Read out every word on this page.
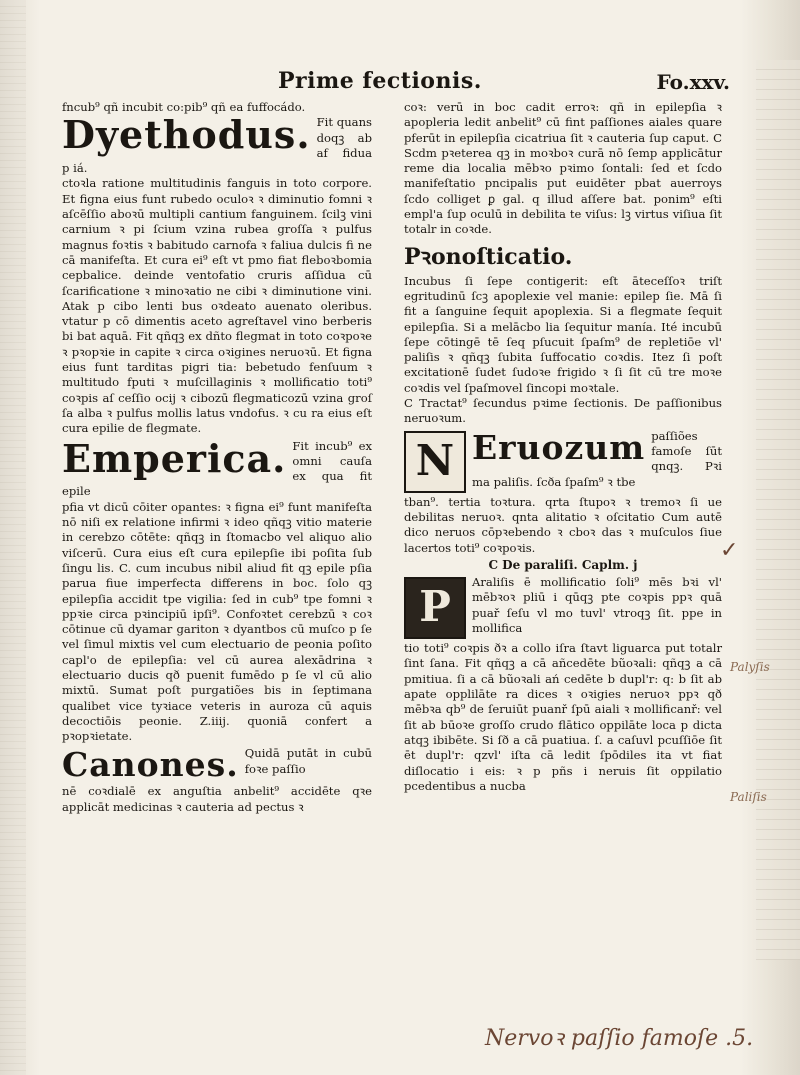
Prime fectionis.	Fo.xxv.

fncub⁹ qñ incubit co:pib⁹ qñ ea fuffocádo.

Dyethodus. Fit quans doqꝫ ab af fidua p iá.

ctoꝛla ratione multitudinis fanguis in toto corpore. Et figna eius funt rubedo oculoꝛ ꝛ diminutio fomni ꝛ aſcēſſio aboꝛū multipli cantium fanguinem. ſcilꝫ vini carnium ꝛ pi ſcium vzina rubea groſſa ꝛ pulfus magnus foꝛtis ꝛ babitudo carnofa ꝛ faliua dulcis fi ne cā manifeſta. Et cura ei⁹ eſt vt pmo fiat fleboꝛbomia cepbalice. deinde ventofatio cruris aſſidua cū ſcarificatione ꝛ minoꝛatio ne cibi ꝛ diminutione vini. Atak p cibo lenti bus oꝛdeato auenato oleribus. vtatur p cō dimentis aceto agreſtavel vino berberis bi bat aquā. Fit qñqꝫ ex dñto flegmat in toto coꝛpoꝛe ꝛ pꝛopꝛie in capite ꝛ circa oꝛigines neruoꝛū. Et figna eius funt tarditas pigri tia: bebetudo fenſuum ꝛ multitudo fputi ꝛ muſcillaginis ꝛ mollificatio toti⁹ coꝛpis aſ ceſſio ocij ꝛ cibozū flegmaticozū vzina groſ ſa alba ꝛ pulfus mollis latus vndofus. ꝛ cu ra eius eſt cura epilie de flegmate.

Emperica. Fit incub⁹ ex omni cauſa ex qua fit epile

pfia vt dicū cōiter opantes: ꝛ figna ei⁹ funt manifeſta nō niſi ex relatione infirmi ꝛ ideo qñqꝫ vitio materie in cerebzo cōtēte: qñqꝫ in ſtomacbo vel aliquo alio viſcerū. Cura eius eſt cura epilepſie ibi poſita ſub ſingu lis. C. cum incubus nibil aliud fit qꝫ epile pſia parua fiue imperfecta differens in boc. ſolo qꝫ epilepſia accidit tpe vigilia: ſed in cub⁹ tpe fomni ꝛ ppꝛie circa pꝛincipiū ipſi⁹. Confoꝛtet cerebzū ꝛ coꝛ cōtinue cū dyamar gariton ꝛ dyantbos cū muſco p ſe vel ſimul mixtis vel cum electuario de peonia poſito capl'o de epilepſia: vel cū aurea alexādrina ꝛ electuario ducis qð puenit fumēdo p ſe vl cū alio mixtū. Sumat poſt purgatiões bis in ſeptimana qualibet vice tyꝛiace veteris in auroza cū aquis decoctiōis peonie. Z.iiij. quoniā confert a pꝛopꝛietate.

Canones. Quidā putāt in cubū foꝛe paſſio

nē coꝛdialē ex anguſtia anbelit⁹ accidēte qꝛe applicāt medicinas ꝛ cauteria ad pectus ꝛ

coꝛ: verū in boc cadit erroꝛ: qñ in epilepſia ꝛ apopleria ledit anbelit⁹ cū fint paſſiones aiales quare pferūt in epilepſia cicatriua ſit ꝛ cauteria ſup caput. C Scdm pꝛeterea qꝫ in moꝛboꝛ curā nō ſemp applicātur reme dia localia mēbꝛo pꝛimo ſontali: ſed et ſcdo manifeſtatio pncipalis put euidēter pbat auerroys ſcdo colliget ꝑ gal. q illud aſſere bat. ponim⁹ eſti empl'a ſup oculū in debilita te viſus: lꝫ virtus viſiua ſit totalr in coꝛde.

Pꝛonoſticatio.

Incubus ſi ſepe contigerit: eſt āteceſſoꝛ triſt egritudinū ſcꝫ apoplexie vel manie: epilep ſie. Mā ſi fit a ſanguine ſequit apoplexia. Si a flegmate ſequit epilepſia. Si a melācbo lia ſequitur manía. Ité incubū ſepe cōtingē tē ſeq pſucuit ſpaſm⁹ de repletiōe vl' paliſis ꝛ qñqꝫ ſubita ſuffocatio coꝛdis. Itez ſi poſt excitationē ſudet ſudoꝛe frigido ꝛ ſi ſit cū tre moꝛe coꝛdis vel ſpaſmovel ſincopi moꝛtale.

C Tractat⁹ ſecundus pꝛime ſectionis. De paſſionibus neruoꝛum.

N Eruozum paſſiões famoſe ſūt qnqꝫ. Pꝛi ma paliſis. ſcða ſpaſm⁹ ꝛ tbe

tban⁹. tertia toꝛtura. qrta ſtupoꝛ ꝛ tremoꝛ ſi ue debilitas neruoꝛ. qnta alitatio ꝛ oſcitatio Cum autē dico neruos cōpꝛebendo ꝛ cboꝛ das ꝛ muſculos ſiue lacertos toti⁹ coꝛpoꝛis.

C De paraliſi. Caplm. j
P	Araliſis ē mollificatio ſoli⁹ mēs bꝛi vl' mēbꝛoꝛ pliū i qūqꝫ pte coꝛpis ppꝛ quā puař ſeſu vl mo tuvl' vtroqꝫ ſit. ppe in mollifica

tio toti⁹ coꝛpis ðꝛ a collo iſra ſtavt liguarca put totalr ſint ſana. Fit qñqꝫ a cā añcedēte bũoꝛali: qñqꝫ a cā pmitiua. ſi a cā bũoꝛali ań cedēte b dupl'r: q: b ſit ab apate opplilāte ra dices ꝛ oꝛigies neruoꝛ ppꝛ qð mēbꝛa qb⁹ de ſeruiūt puanř ſpū aiali ꝛ mollificanř: vel ſit ab būoꝛe groſſo crudo flātico oppilāte loca p dicta atqꝫ ibibēte. Si ſð a cā puatiua. ſ. a caſuvl pcuſſiōe ſit ēt dupl'r: qzvl' iſta cā ledit ſpōdiles ita vt fiat diſlocatio i eis: ꝛ p pñs i neruis ſit oppilatio pcedentibus a nucba

Palyſis
Paliſis
Nervoꝛ paſſio famoſe .5.
✓
